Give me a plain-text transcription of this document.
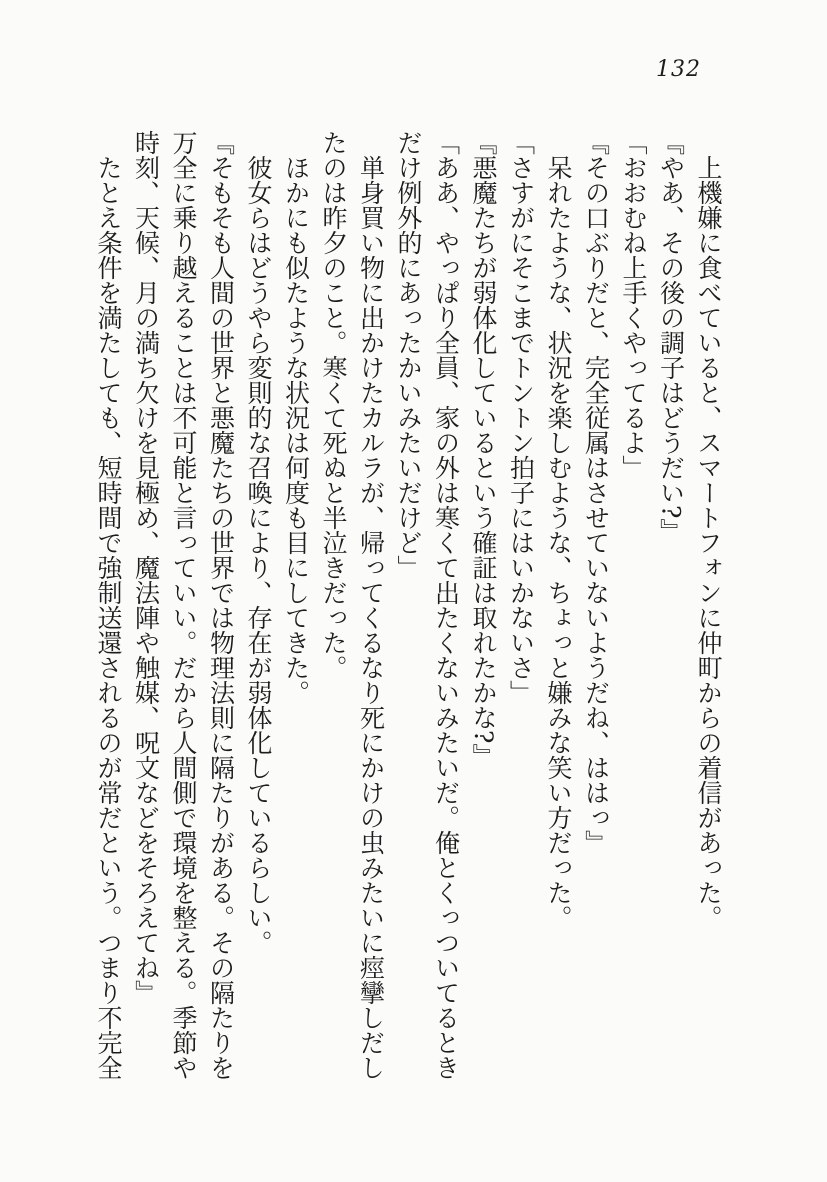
132

上機嫌に食べていると、スマートフォンに仲町からの着信があった。

『やあ、その後の調子はどうだい?』

「おおむね上手くやってるよ」

『その口ぶりだと、完全従属はさせていないようだね、ははっ』

呆れたような、状況を楽しむような、ちょっと嫌みな笑い方だった。

「さすがにそこまでトントン拍子にはいかないさ」

『悪魔たちが弱体化しているという確証は取れたかな?』

「ああ、やっぱり全員、家の外は寒くて出たくないみたいだ。俺とくっついてるときだけ例外的にあったかいみたいだけど」

単身買い物に出かけたカルラが、帰ってくるなり死にかけの虫みたいに痙攣しだしたのは昨夕のこと。寒くて死ぬと半泣きだった。

ほかにも似たような状況は何度も目にしてきた。

彼女らはどうやら変則的な召喚により、存在が弱体化しているらしい。

『そもそも人間の世界と悪魔たちの世界では物理法則に隔たりがある。その隔たりを万全に乗り越えることは不可能と言っていい。だから人間側で環境を整える。季節や時刻、天候、月の満ち欠けを見極め、魔法陣や触媒、呪文などをそろえてね』

たとえ条件を満たしても、短時間で強制送還されるのが常だという。つまり不完全
